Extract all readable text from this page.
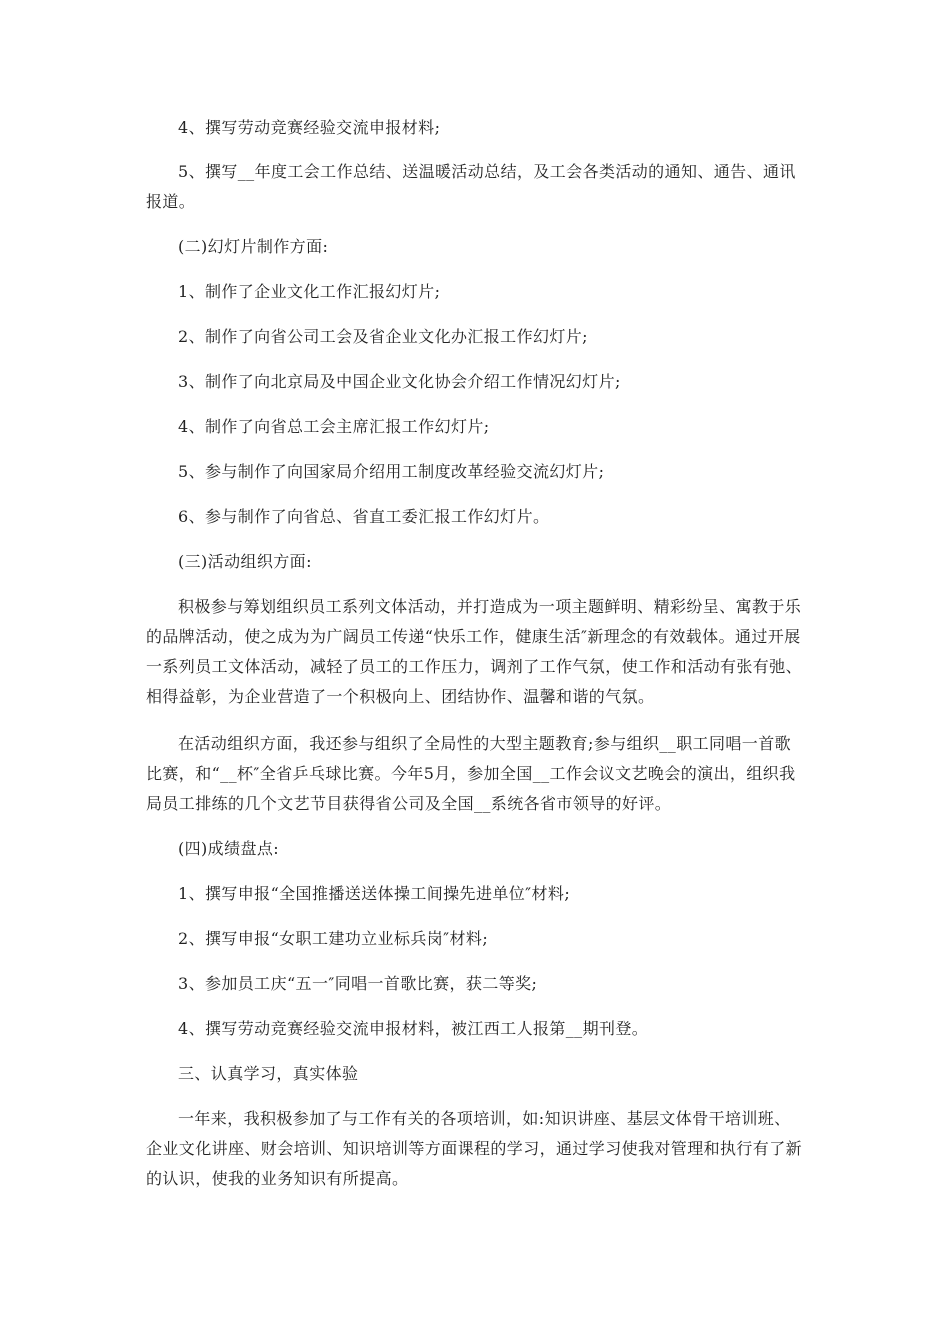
4、撰写劳动竞赛经验交流申报材料;

5、撰写__年度工会工作总结、送温暖活动总结，及工会各类活动的通知、通告、通讯报道。

(二)幻灯片制作方面:

1、制作了企业文化工作汇报幻灯片;

2、制作了向省公司工会及省企业文化办汇报工作幻灯片;

3、制作了向北京局及中国企业文化协会介绍工作情况幻灯片;

4、制作了向省总工会主席汇报工作幻灯片;

5、参与制作了向国家局介绍用工制度改革经验交流幻灯片;

6、参与制作了向省总、省直工委汇报工作幻灯片。

(三)活动组织方面:

积极参与筹划组织员工系列文体活动，并打造成为一项主题鲜明、精彩纷呈、寓教于乐的品牌活动，使之成为为广阔员工传递“快乐工作，健康生活″新理念的有效载体。通过开展一系列员工文体活动，减轻了员工的工作压力，调剂了工作气氛，使工作和活动有张有弛、相得益彰，为企业营造了一个积极向上、团结协作、温馨和谐的气氛。

在活动组织方面，我还参与组织了全局性的大型主题教育;参与组织__职工同唱一首歌比赛，和“__杯″全省乒乓球比赛。今年5月，参加全国__工作会议文艺晚会的演出，组织我局员工排练的几个文艺节目获得省公司及全国__系统各省市领导的好评。

(四)成绩盘点:

1、撰写申报“全国推播送送体操工间操先进单位″材料;

2、撰写申报“女职工建功立业标兵岗″材料;

3、参加员工庆“五一″同唱一首歌比赛，获二等奖;

4、撰写劳动竞赛经验交流申报材料，被江西工人报第__期刊登。

三、认真学习，真实体验

一年来，我积极参加了与工作有关的各项培训，如:知识讲座、基层文体骨干培训班、企业文化讲座、财会培训、知识培训等方面课程的学习，通过学习使我对管理和执行有了新的认识，使我的业务知识有所提高。
